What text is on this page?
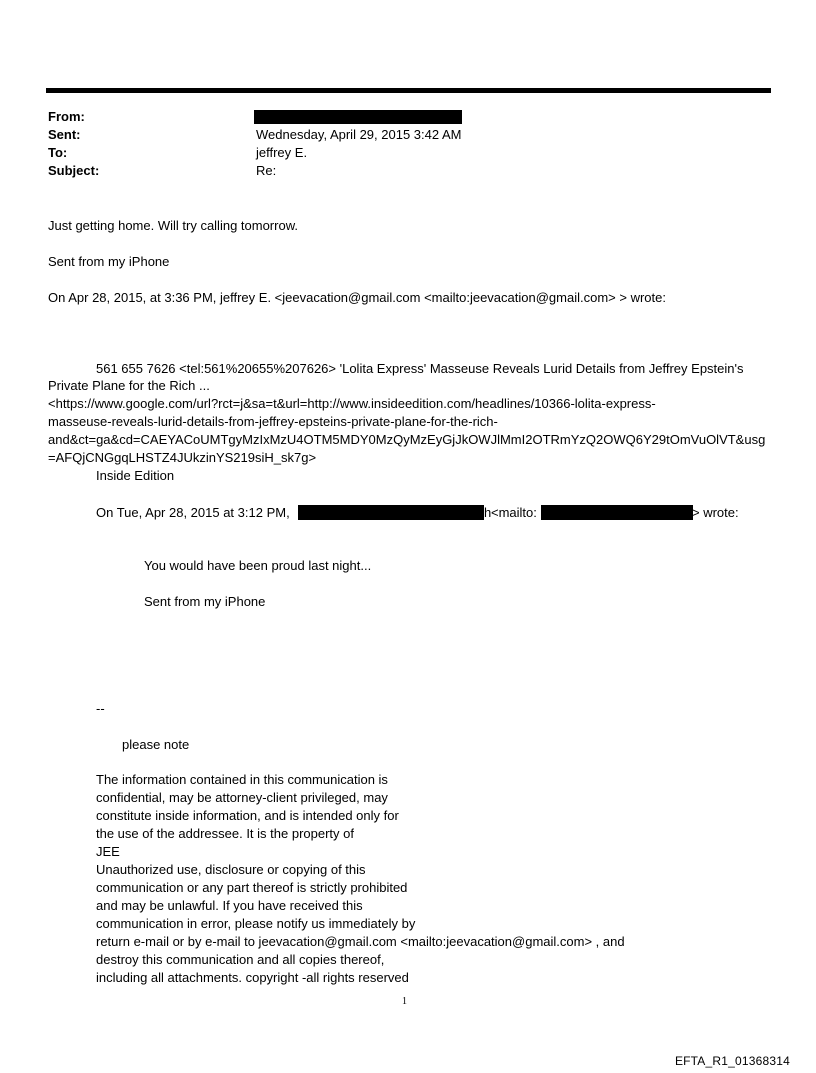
From:
Sent:	Wednesday, April 29, 2015 3:42 AM
To:	jeffrey E.
Subject:	Re:
Just getting home. Will try calling tomorrow.
Sent from my iPhone
On Apr 28, 2015, at 3:36 PM, jeffrey E. <jeevacation@gmail.com <mailto:jeevacation@gmail.com> > wrote:
561 655 7626 <tel:561%20655%207626> 'Lolita Express' Masseuse Reveals Lurid Details from Jeffrey Epstein's
Private Plane for the Rich ...
<https://www.google.com/url?rct=j&sa=t&url=http://www.insideedition.com/headlines/10366-lolita-express-
masseuse-reveals-lurid-details-from-jeffrey-epsteins-private-plane-for-the-rich-
and&ct=ga&cd=CAEYACoUMTgyMzIxMzU4OTM5MDY0MzQyMzEyGjJkOWJlMmI2OTRmYzQ2OWQ6Y29tOmVuOlVT&usg
=AFQjCNGgqLHSTZ4JUkzinYS219siH_sk7g>
Inside Edition
On Tue, Apr 28, 2015 at 3:12 PM,	h <mailto:	> wrote:
You would have been proud last night...
Sent from my iPhone
--
please note
The information contained in this communication is
confidential, may be attorney-client privileged, may
constitute inside information, and is intended only for
the use of the addressee. It is the property of
JEE
Unauthorized use, disclosure or copying of this
communication or any part thereof is strictly prohibited
and may be unlawful. If you have received this
communication in error, please notify us immediately by
return e-mail or by e-mail to jeevacation@gmail.com <mailto:jeevacation@gmail.com> , and
destroy this communication and all copies thereof,
including all attachments. copyright -all rights reserved
1
EFTA_R1_01368314
